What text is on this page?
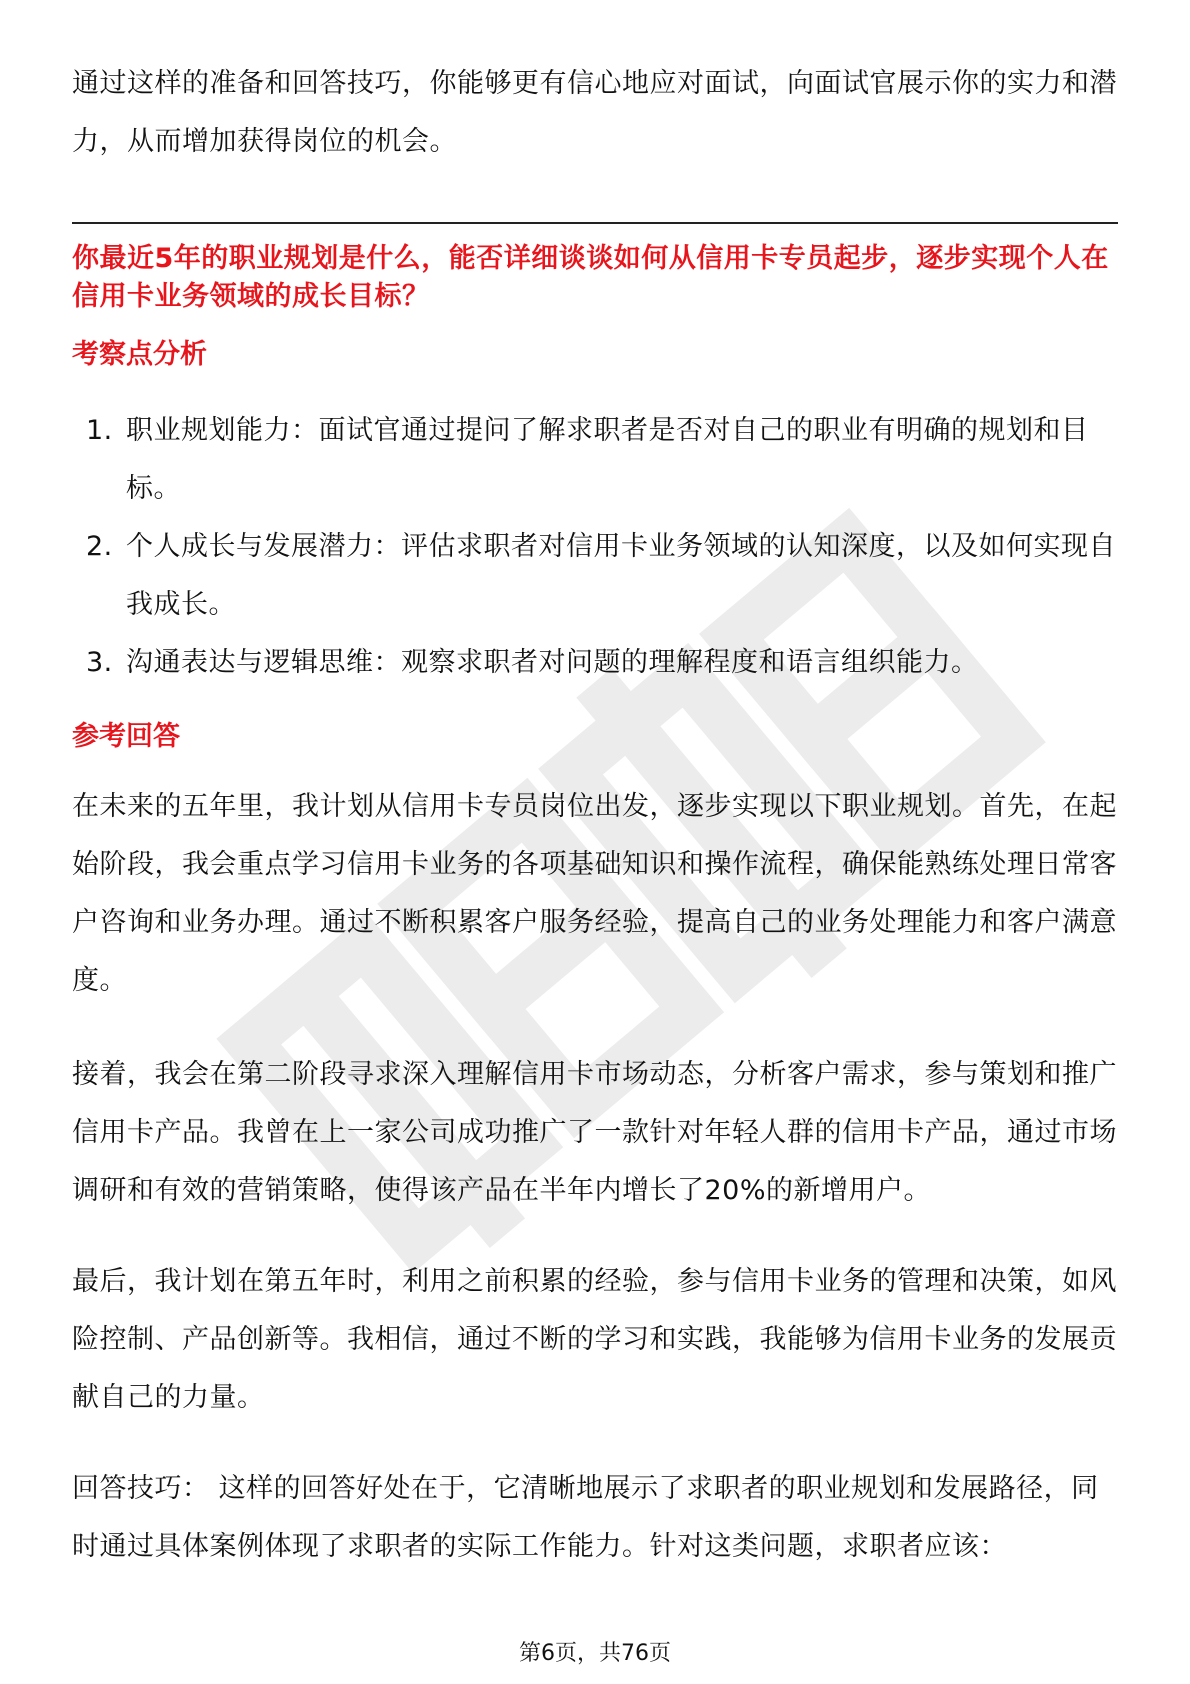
通过这样的准备和回答技巧，你能够更有信心地应对面试，向面试官展示你的实力和潜力，从而增加获得岗位的机会。

你最近5年的职业规划是什么，能否详细谈谈如何从信用卡专员起步，逐步实现个人在信用卡业务领域的成长目标？
考察点分析
1. 职业规划能力：面试官通过提问了解求职者是否对自己的职业有明确的规划和目标。
2. 个人成长与发展潜力：评估求职者对信用卡业务领域的认知深度，以及如何实现自我成长。
3. 沟通表达与逻辑思维：观察求职者对问题的理解程度和语言组织能力。
参考回答

在未来的五年里，我计划从信用卡专员岗位出发，逐步实现以下职业规划。首先，在起始阶段，我会重点学习信用卡业务的各项基础知识和操作流程，确保能熟练处理日常客户咨询和业务办理。通过不断积累客户服务经验，提高自己的业务处理能力和客户满意度。

接着，我会在第二阶段寻求深入理解信用卡市场动态，分析客户需求，参与策划和推广信用卡产品。我曾在上一家公司成功推广了一款针对年轻人群的信用卡产品，通过市场调研和有效的营销策略，使得该产品在半年内增长了20%的新增用户。

最后，我计划在第五年时，利用之前积累的经验，参与信用卡业务的管理和决策，如风险控制、产品创新等。我相信，通过不断的学习和实践，我能够为信用卡业务的发展贡献自己的力量。

回答技巧： 这样的回答好处在于，它清晰地展示了求职者的职业规划和发展路径，同时通过具体案例体现了求职者的实际工作能力。针对这类问题，求职者应该：

第6页，共76页
